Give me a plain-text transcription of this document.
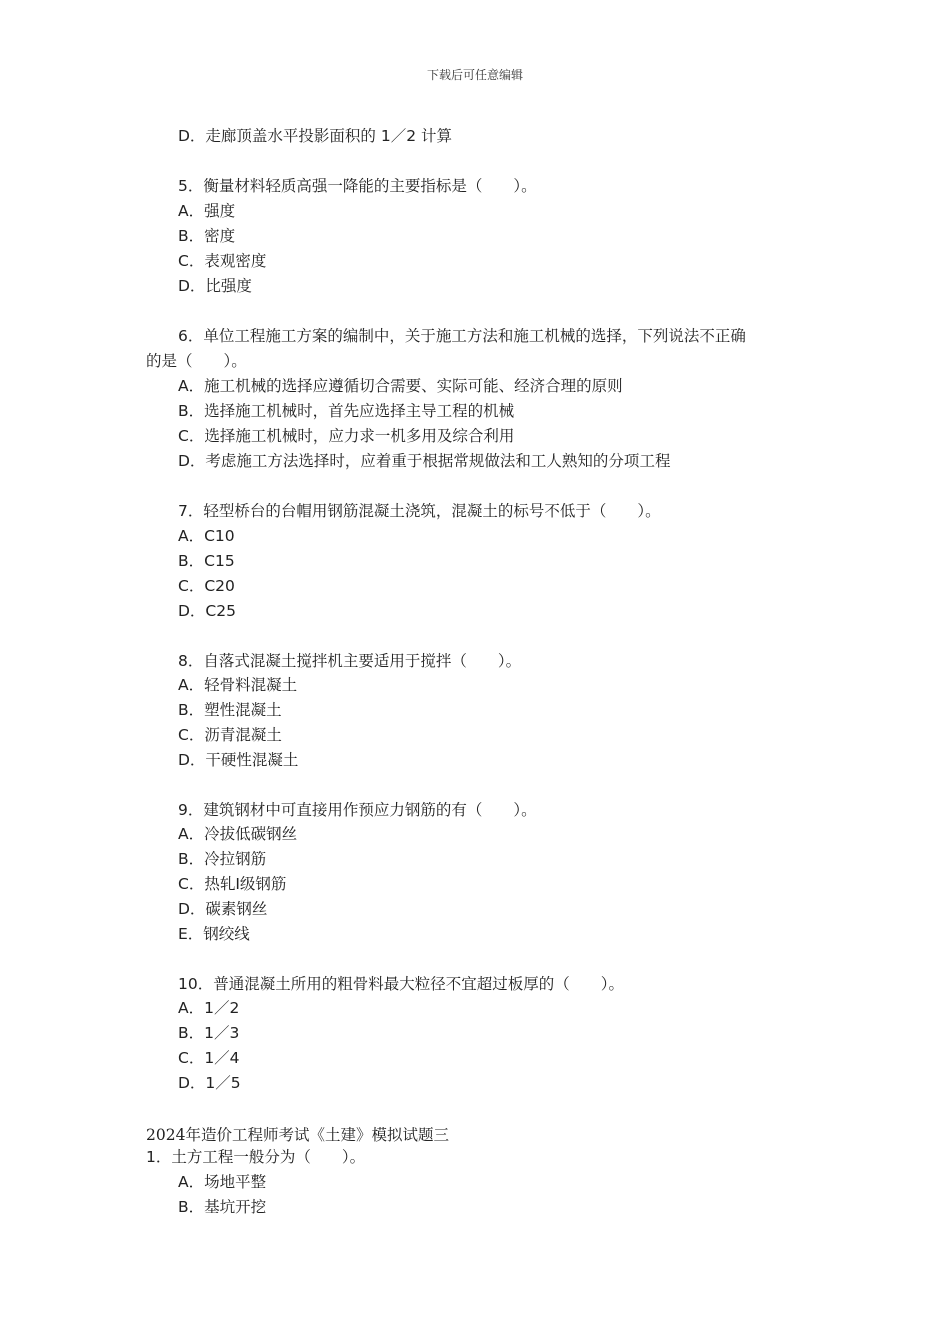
下载后可任意编辑
D．走廊顶盖水平投影面积的 1／2 计算
5．衡量材料轻质高强一降能的主要指标是（　　）。
A．强度
B．密度
C．表观密度
D．比强度
6．单位工程施工方案的编制中，关于施工方法和施工机械的选择，下列说法不正确
的是（　　）。
A．施工机械的选择应遵循切合需要、实际可能、经济合理的原则
B．选择施工机械时，首先应选择主导工程的机械
C．选择施工机械时，应力求一机多用及综合利用
D．考虑施工方法选择时，应着重于根据常规做法和工人熟知的分项工程
7．轻型桥台的台帽用钢筋混凝土浇筑，混凝土的标号不低于（　　）。
A．C10
B．C15
C．C20
D．C25
8．自落式混凝土搅拌机主要适用于搅拌（　　）。
A．轻骨料混凝土
B．塑性混凝土
C．沥青混凝土
D．干硬性混凝土
9．建筑钢材中可直接用作预应力钢筋的有（　　）。
A．冷拔低碳钢丝
B．冷拉钢筋
C．热轧Ⅰ级钢筋
D．碳素钢丝
E．钢绞线
10．普通混凝土所用的粗骨料最大粒径不宜超过板厚的（　　）。
A．1／2
B．1／3
C．1／4
D．1／5
2024年造价工程师考试《土建》模拟试题三
1．土方工程一般分为（　　）。
A．场地平整
B．基坑开挖
